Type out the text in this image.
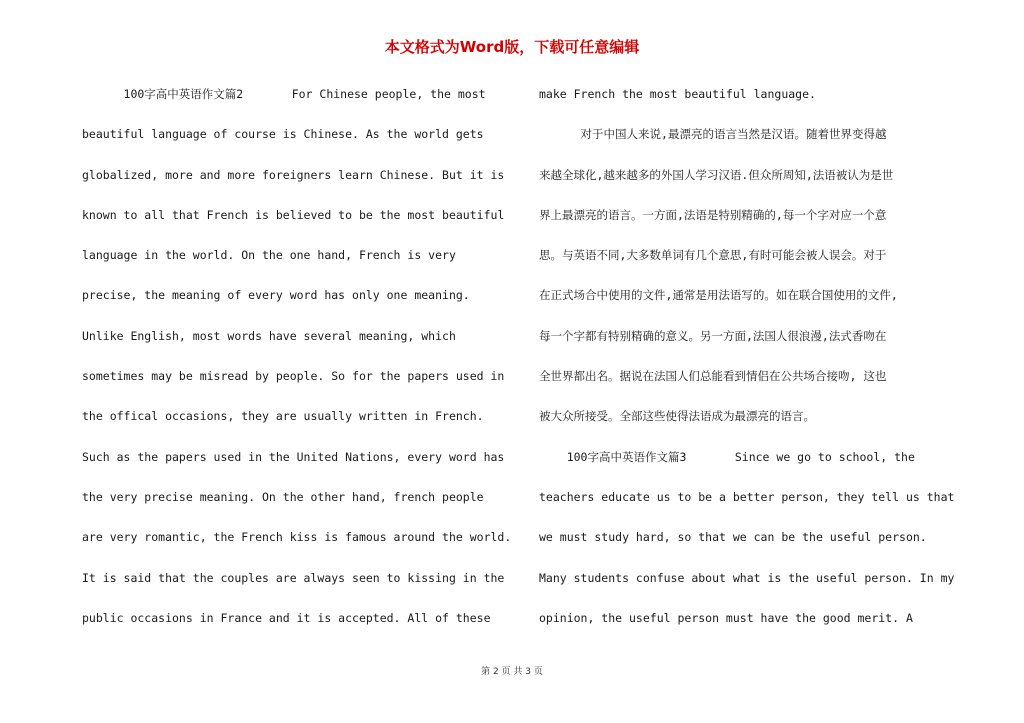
本文格式为Word版，下载可任意编辑
100字高中英语作文篇2       For Chinese people, the most
beautiful language of course is Chinese. As the world gets
globalized, more and more foreigners learn Chinese. But it is
known to all that French is believed to be the most beautiful
language in the world. On the one hand, French is very
precise, the meaning of every word has only one meaning.
Unlike English, most words have several meaning, which
sometimes may be misread by people. So for the papers used in
the offical occasions, they are usually written in French.
Such as the papers used in the United Nations, every word has
the very precise meaning. On the other hand, french people
are very romantic, the French kiss is famous around the world.
It is said that the couples are always seen to kissing in the
public occasions in France and it is accepted. All of these
make French the most beautiful language.
对于中国人来说,最漂亮的语言当然是汉语。随着世界变得越
来越全球化,越来越多的外国人学习汉语.但众所周知,法语被认为是世
界上最漂亮的语言。一方面,法语是特别精确的,每一个字对应一个意
思。与英语不同,大多数单词有几个意思,有时可能会被人误会。对于
在正式场合中使用的文件,通常是用法语写的。如在联合国使用的文件,
每一个字都有特别精确的意义。另一方面,法国人很浪漫,法式香吻在
全世界都出名。据说在法国人们总能看到情侣在公共场合接吻, 这也
被大众所接受。全部这些使得法语成为最漂亮的语言。
100字高中英语作文篇3       Since we go to school, the
teachers educate us to be a better person, they tell us that
we must study hard, so that we can be the useful person.
Many students confuse about what is the useful person. In my
opinion, the useful person must have the good merit. A
第 2 页 共 3 页
